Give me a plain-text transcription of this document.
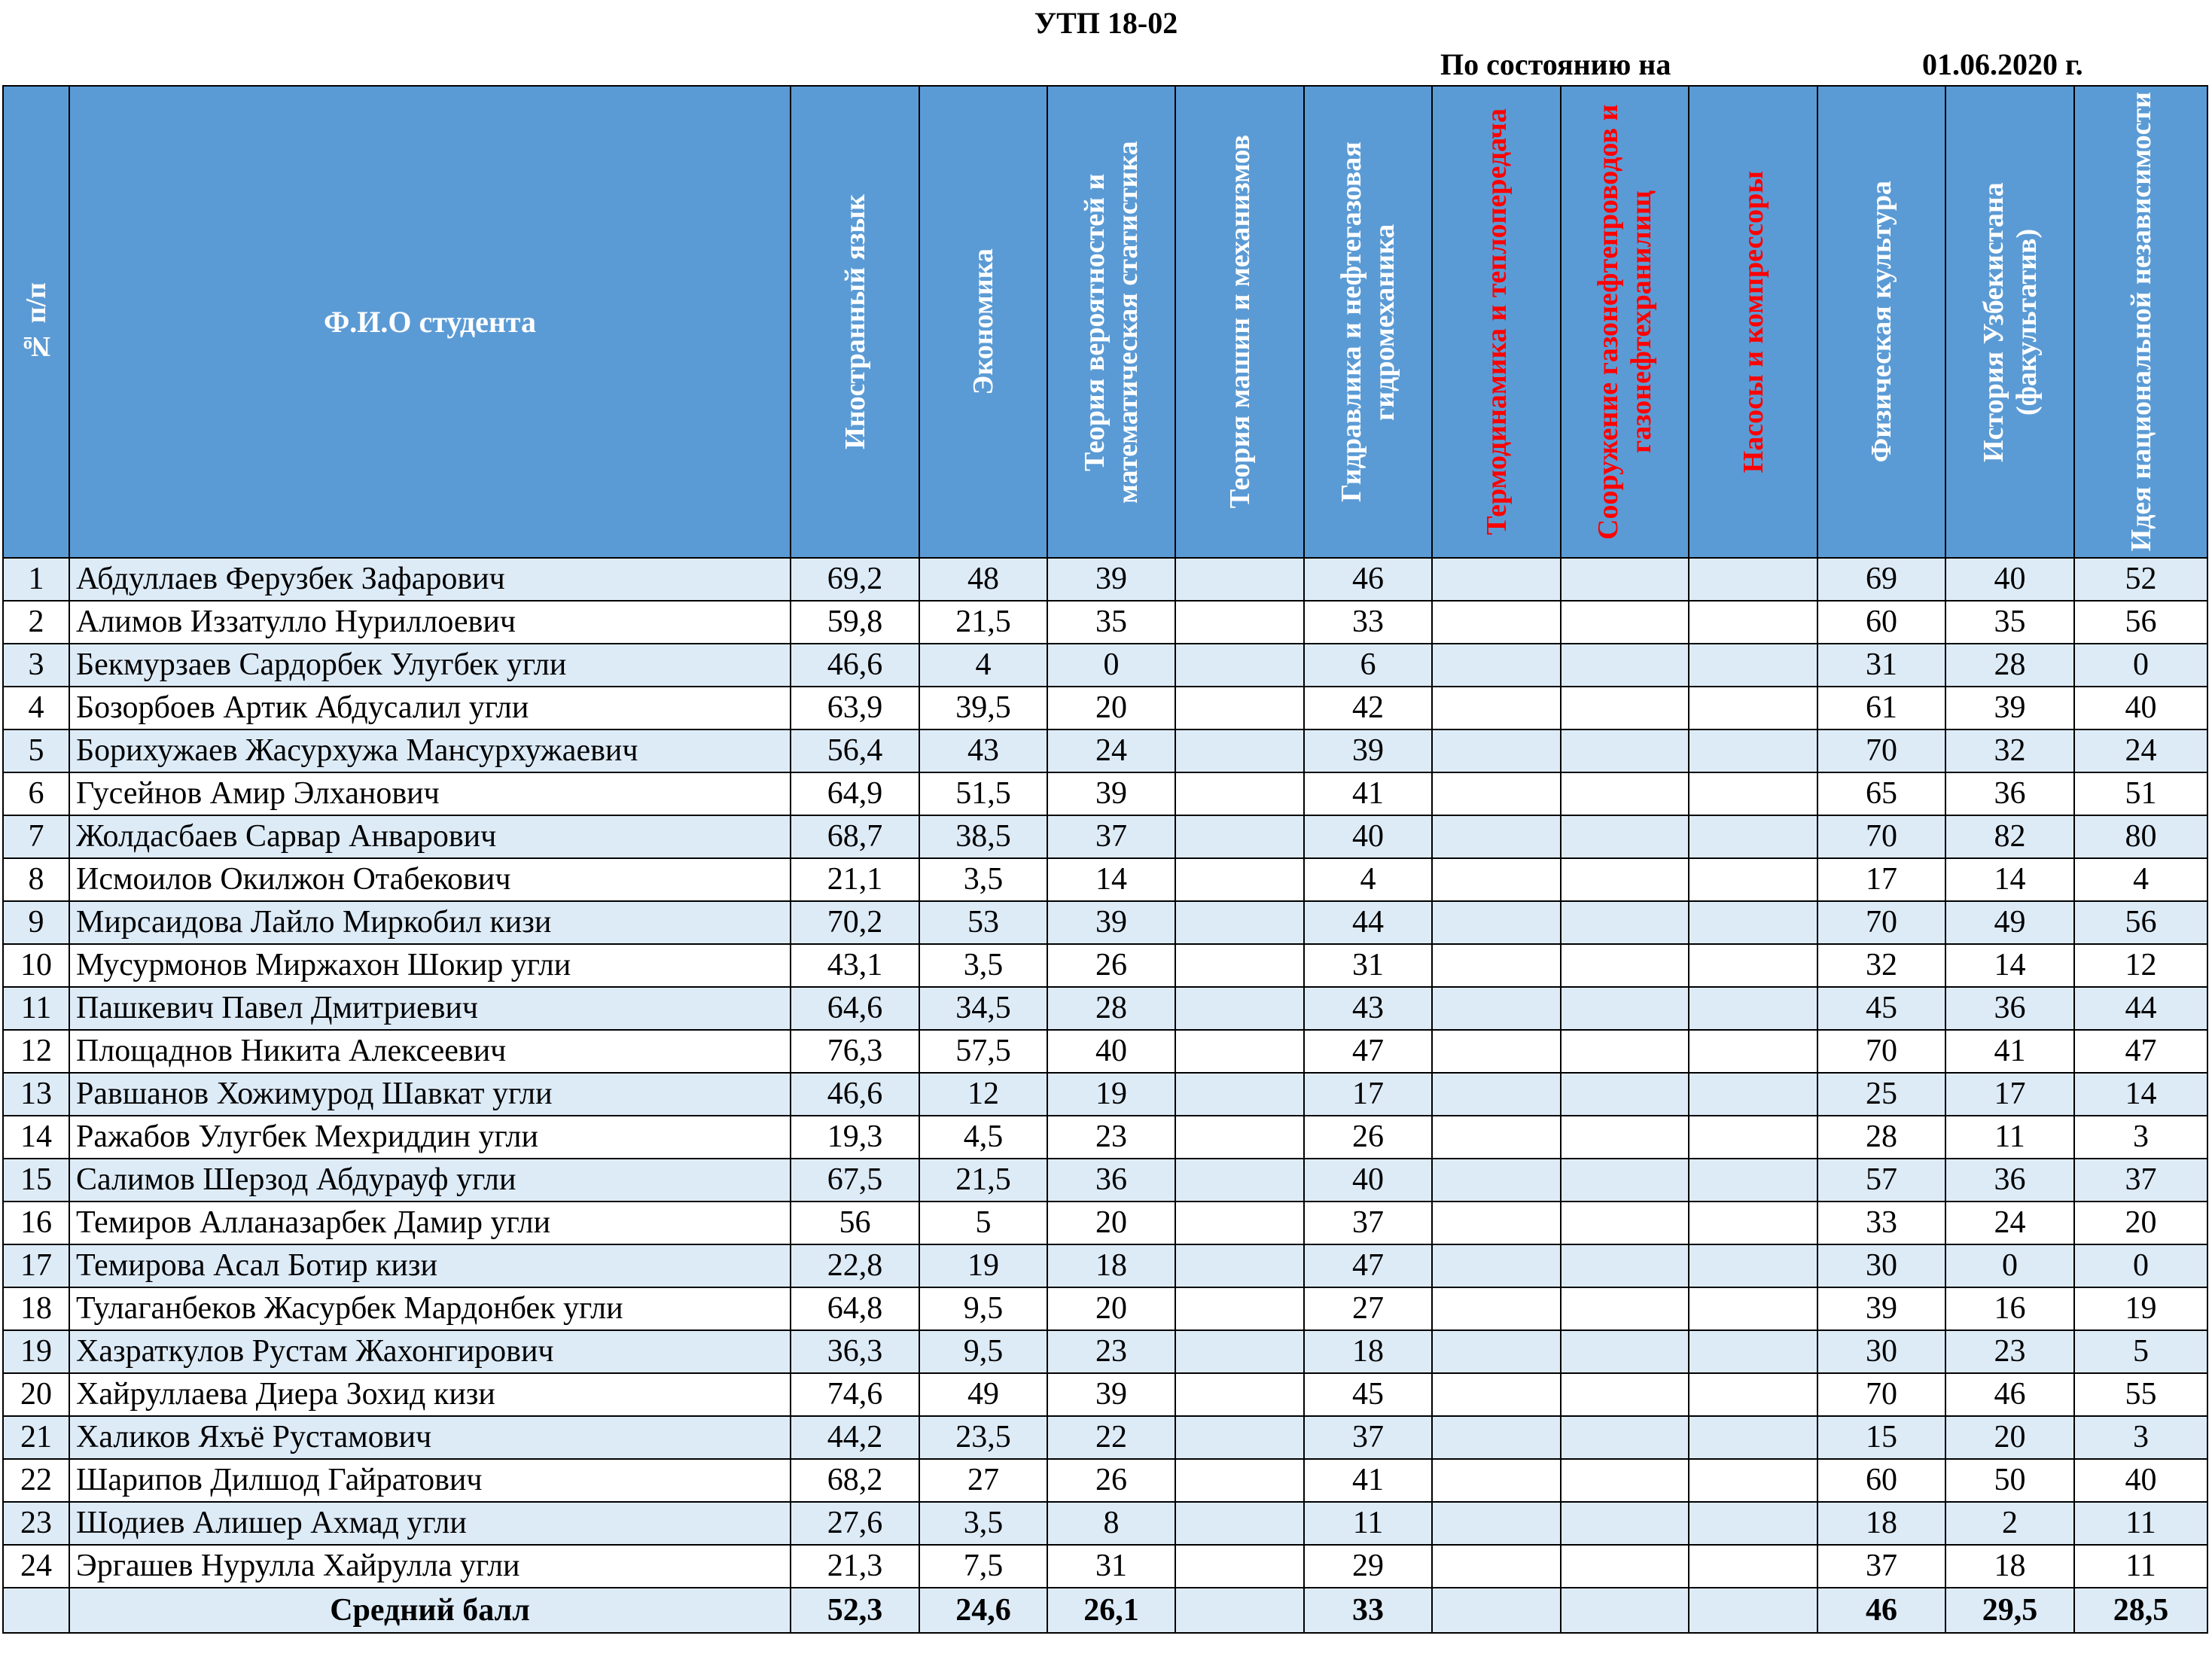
УТП 18-02
По состоянию на	01.06.2020 г.
№ п/п	Ф.И.О студента	Иностранный язык	Экономика	Теория вероятностей и математическая статистика	Теория машин и механизмов	Гидравлика и нефтегазовая гидромеханика	Термодинамика и теплопередача	Сооружение газонефтепроводов и газонефтехранилищ	Насосы и компрессоры	Физическая культура	История Узбекистана (факультатив)	Идея национальной независимости

1	Абдуллаев Ферузбек Зафарович	69,2	48	39		46				69	40	52
2	Алимов Иззатулло Нуриллоевич	59,8	21,5	35		33				60	35	56
3	Бекмурзаев Сардорбек Улугбек угли	46,6	4	0		6				31	28	0
4	Бозорбоев Артик Абдусалил угли	63,9	39,5	20		42				61	39	40
5	Борихужаев Жасурхужа Мансурхужаевич	56,4	43	24		39				70	32	24
6	Гусейнов Амир Элханович	64,9	51,5	39		41				65	36	51
7	Жолдасбаев Сарвар Анварович	68,7	38,5	37		40				70	82	80
8	Исмоилов Окилжон Отабекович	21,1	3,5	14		4				17	14	4
9	Мирсаидова Лайло Миркобил кизи	70,2	53	39		44				70	49	56
10	Мусурмонов Миржахон Шокир угли	43,1	3,5	26		31				32	14	12
11	Пашкевич Павел Дмитриевич	64,6	34,5	28		43				45	36	44
12	Площаднов Никита Алексеевич	76,3	57,5	40		47				70	41	47
13	Равшанов Хожимурод Шавкат угли	46,6	12	19		17				25	17	14
14	Ражабов Улугбек Мехриддин угли	19,3	4,5	23		26				28	11	3
15	Салимов Шерзод Абдурауф угли	67,5	21,5	36		40				57	36	37
16	Темиров Алланазарбек Дамир угли	56	5	20		37				33	24	20
17	Темирова Асал Ботир кизи	22,8	19	18		47				30	0	0
18	Тулаганбеков Жасурбек Мардонбек угли	64,8	9,5	20		27				39	16	19
19	Хазраткулов Рустам Жахонгирович	36,3	9,5	23		18				30	23	5
20	Хайруллаева Диера Зохид кизи	74,6	49	39		45				70	46	55
21	Халиков Яхъё Рустамович	44,2	23,5	22		37				15	20	3
22	Шарипов Дилшод Гайратович	68,2	27	26		41				60	50	40
23	Шодиев Алишер Ахмад угли	27,6	3,5	8		11				18	2	11
24	Эргашев Нурулла Хайрулла угли	21,3	7,5	31		29				37	18	11
	Средний балл	52,3	24,6	26,1		33				46	29,5	28,5
